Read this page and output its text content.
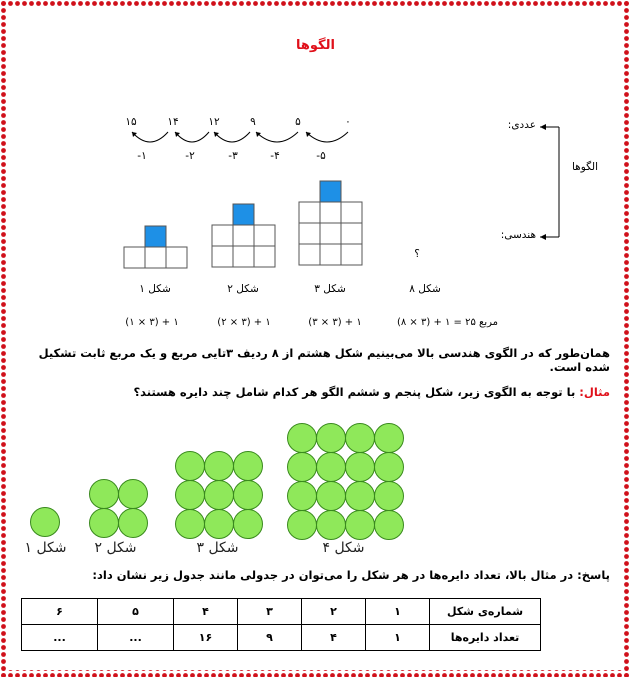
الگوها
عددی:
هندسی:
الگوها
۰
۵
۹
۱۲
۱۴
۱۵
-۵
-۴
-۳
-۲
-۱
؟
شکل ۸
شکل ۳
شکل ۲
شکل ۱
مربع ۲۵ = ۱ + (۳ × ۸)
۱ + (۳ × ۳)
۱ + (۳ × ۲)
۱ + (۳ × ۱)
همان‌طور که در الگوی هندسی بالا می‌بینیم شکل هشتم از ۸ ردیف ۳تایی مربع و یک مربع ثابت تشکیل شده است.
مثال: با توجه به الگوی زیر، شکل پنجم و ششم الگو هر کدام شامل چند دایره هستند؟
شکل ۱	شکل ۲	شکل ۳	شکل ۴
پاسخ: در مثال بالا، تعداد دایره‌ها در هر شکل را می‌توان در جدولی مانند جدول زیر نشان داد:
۶	۵	۴	۳	۲	۱	شماره‌ی شکل
...	...	۱۶	۹	۴	۱	تعداد دایره‌ها
